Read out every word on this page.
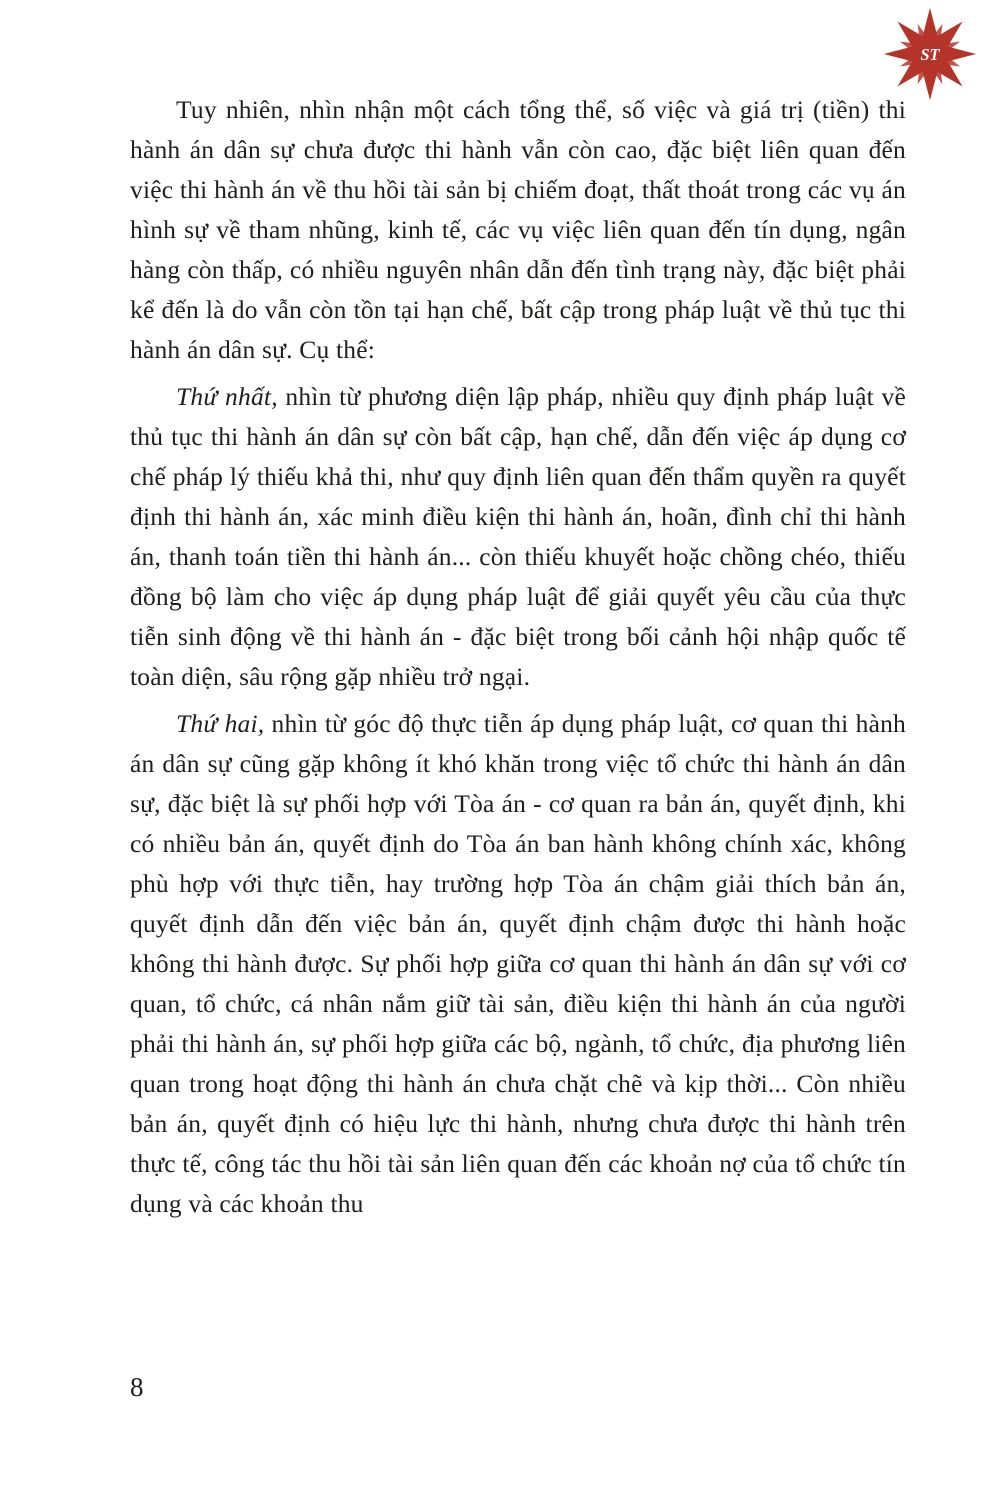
ST

Tuy nhiên, nhìn nhận một cách tổng thể, số việc và giá trị (tiền) thi hành án dân sự chưa được thi hành vẫn còn cao, đặc biệt liên quan đến việc thi hành án về thu hồi tài sản bị chiếm đoạt, thất thoát trong các vụ án hình sự về tham nhũng, kinh tế, các vụ việc liên quan đến tín dụng, ngân hàng còn thấp, có nhiều nguyên nhân dẫn đến tình trạng này, đặc biệt phải kể đến là do vẫn còn tồn tại hạn chế, bất cập trong pháp luật về thủ tục thi hành án dân sự. Cụ thể:

Thứ nhất, nhìn từ phương diện lập pháp, nhiều quy định pháp luật về thủ tục thi hành án dân sự còn bất cập, hạn chế, dẫn đến việc áp dụng cơ chế pháp lý thiếu khả thi, như quy định liên quan đến thẩm quyền ra quyết định thi hành án, xác minh điều kiện thi hành án, hoãn, đình chỉ thi hành án, thanh toán tiền thi hành án... còn thiếu khuyết hoặc chồng chéo, thiếu đồng bộ làm cho việc áp dụng pháp luật để giải quyết yêu cầu của thực tiễn sinh động về thi hành án - đặc biệt trong bối cảnh hội nhập quốc tế toàn diện, sâu rộng gặp nhiều trở ngại.

Thứ hai, nhìn từ góc độ thực tiễn áp dụng pháp luật, cơ quan thi hành án dân sự cũng gặp không ít khó khăn trong việc tổ chức thi hành án dân sự, đặc biệt là sự phối hợp với Tòa án - cơ quan ra bản án, quyết định, khi có nhiều bản án, quyết định do Tòa án ban hành không chính xác, không phù hợp với thực tiễn, hay trường hợp Tòa án chậm giải thích bản án, quyết định dẫn đến việc bản án, quyết định chậm được thi hành hoặc không thi hành được. Sự phối hợp giữa cơ quan thi hành án dân sự với cơ quan, tổ chức, cá nhân nắm giữ tài sản, điều kiện thi hành án của người phải thi hành án, sự phối hợp giữa các bộ, ngành, tổ chức, địa phương liên quan trong hoạt động thi hành án chưa chặt chẽ và kịp thời... Còn nhiều bản án, quyết định có hiệu lực thi hành, nhưng chưa được thi hành trên thực tế, công tác thu hồi tài sản liên quan đến các khoản nợ của tổ chức tín dụng và các khoản thu

8
